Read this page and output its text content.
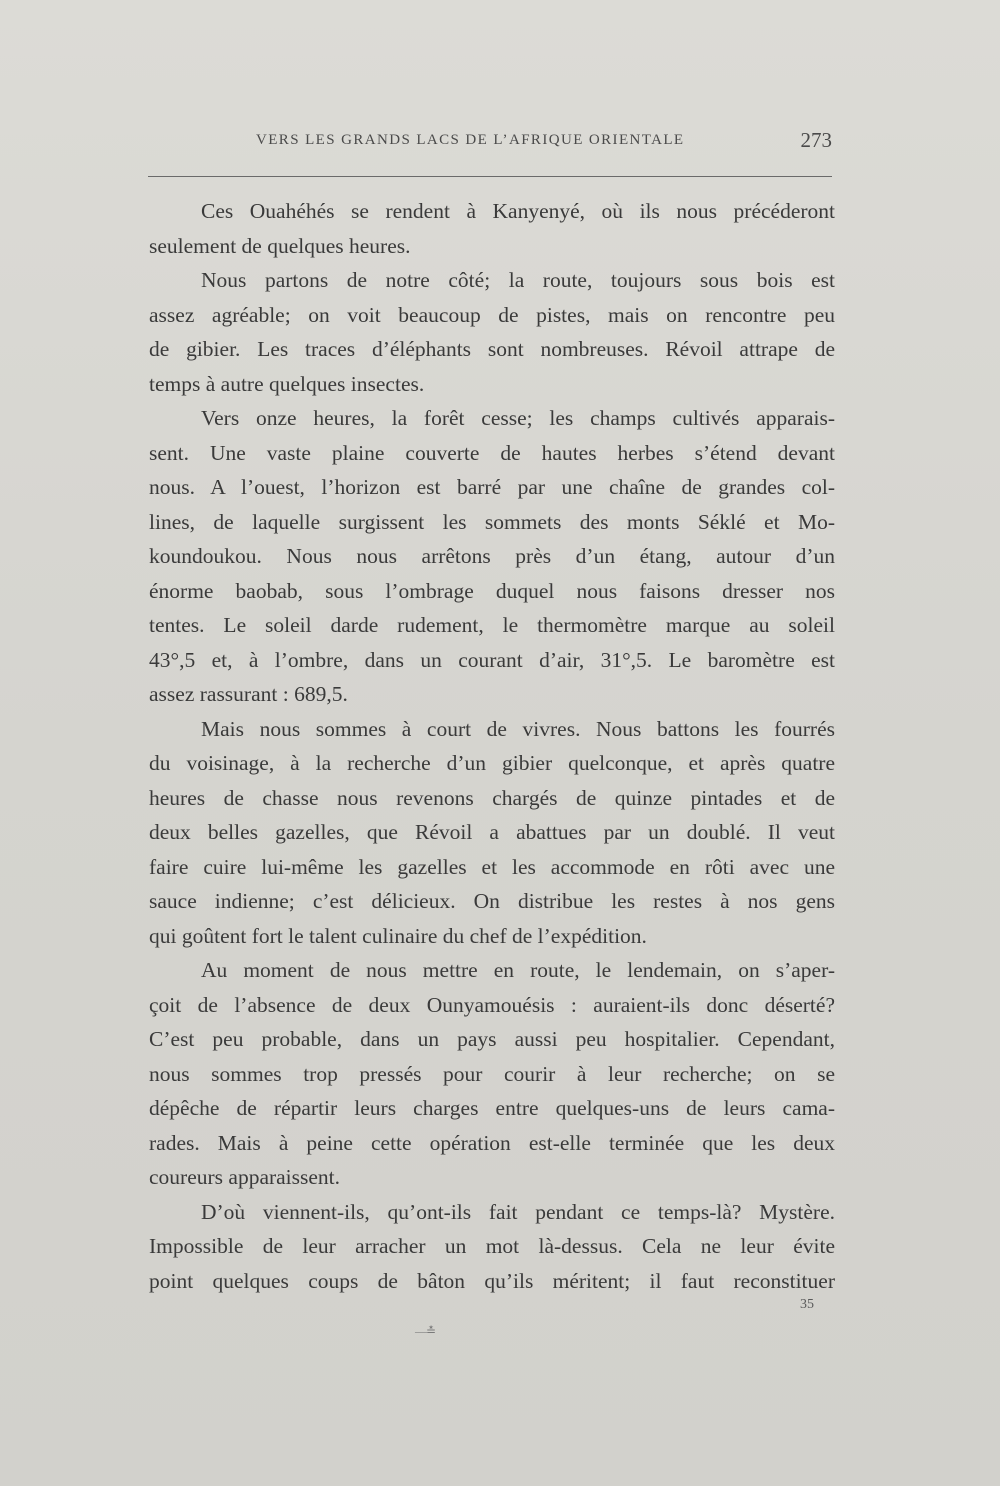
VERS LES GRANDS LACS DE L’AFRIQUE ORIENTALE	273
Ces Ouahéhés se rendent à Kanyenyé, où ils nous précéderont
seulement de quelques heures.
Nous partons de notre côté; la route, toujours sous bois est
assez agréable; on voit beaucoup de pistes, mais on rencontre peu
de gibier. Les traces d’éléphants sont nombreuses. Révoil attrape de
temps à autre quelques insectes.
Vers onze heures, la forêt cesse; les champs cultivés apparais-
sent. Une vaste plaine couverte de hautes herbes s’étend devant
nous. A l’ouest, l’horizon est barré par une chaîne de grandes col-
lines, de laquelle surgissent les sommets des monts Séklé et Mo-
koundoukou. Nous nous arrêtons près d’un étang, autour d’un
énorme baobab, sous l’ombrage duquel nous faisons dresser nos
tentes. Le soleil darde rudement, le thermomètre marque au soleil
43°,5 et, à l’ombre, dans un courant d’air, 31°,5. Le baromètre est
assez rassurant : 689,5.
Mais nous sommes à court de vivres. Nous battons les fourrés
du voisinage, à la recherche d’un gibier quelconque, et après quatre
heures de chasse nous revenons chargés de quinze pintades et de
deux belles gazelles, que Révoil a abattues par un doublé. Il veut
faire cuire lui-même les gazelles et les accommode en rôti avec une
sauce indienne; c’est délicieux. On distribue les restes à nos gens
qui goûtent fort le talent culinaire du chef de l’expédition.
Au moment de nous mettre en route, le lendemain, on s’aper-
çoit de l’absence de deux Ounyamouésis : auraient-ils donc déserté?
C’est peu probable, dans un pays aussi peu hospitalier. Cependant,
nous sommes trop pressés pour courir à leur recherche; on se
dépêche de répartir leurs charges entre quelques-uns de leurs cama-
rades. Mais à peine cette opération est-elle terminée que les deux
coureurs apparaissent.
D’où viennent-ils, qu’ont-ils fait pendant ce temps-là? Mystère.
Impossible de leur arracher un mot là-dessus. Cela ne leur évite
point quelques coups de bâton qu’ils méritent; il faut reconstituer
35
—≛
